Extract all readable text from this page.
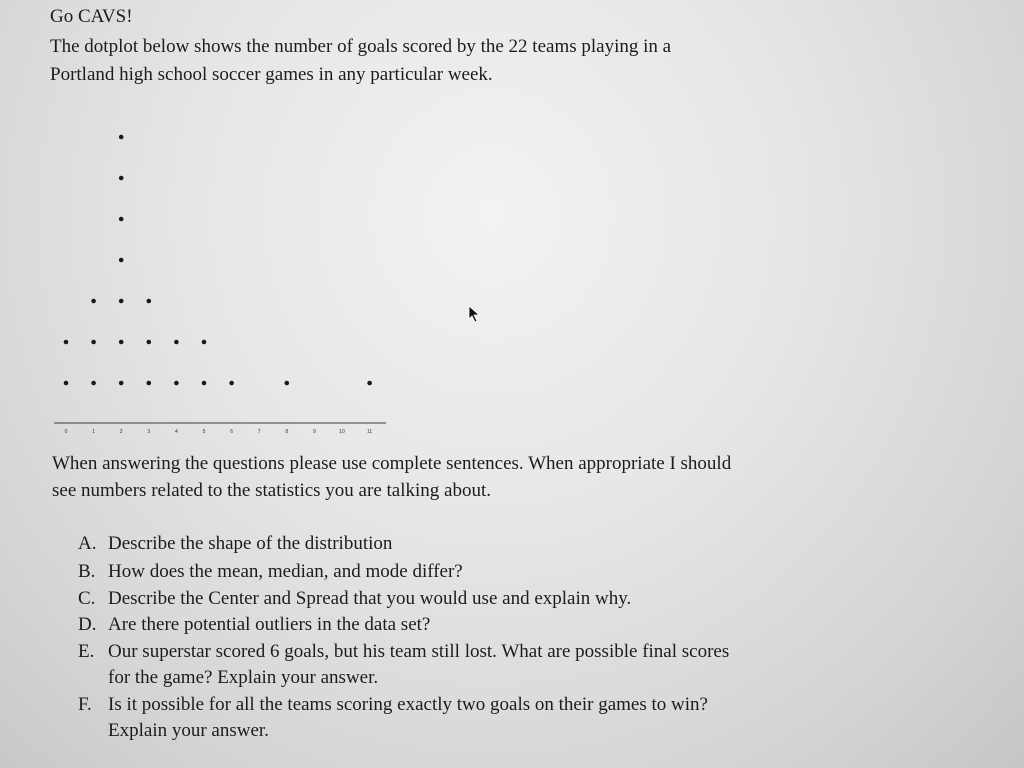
Go CAVS!
The dotplot below shows the number of goals scored by the 22 teams playing in a
Portland high school soccer games in any particular week.
0	1	2	3	4	5	6	7	8	9	10	11
When answering the questions please use complete sentences. When appropriate I should
see numbers related to the statistics you are talking about.
A. Describe the shape of the distribution
B. How does the mean, median, and mode differ?
C. Describe the Center and Spread that you would use and explain why.
D. Are there potential outliers in the data set?
E. Our superstar scored 6 goals, but his team still lost. What are possible final scores
for the game? Explain your answer.
F. Is it possible for all the teams scoring exactly two goals on their games to win?
Explain your answer.
